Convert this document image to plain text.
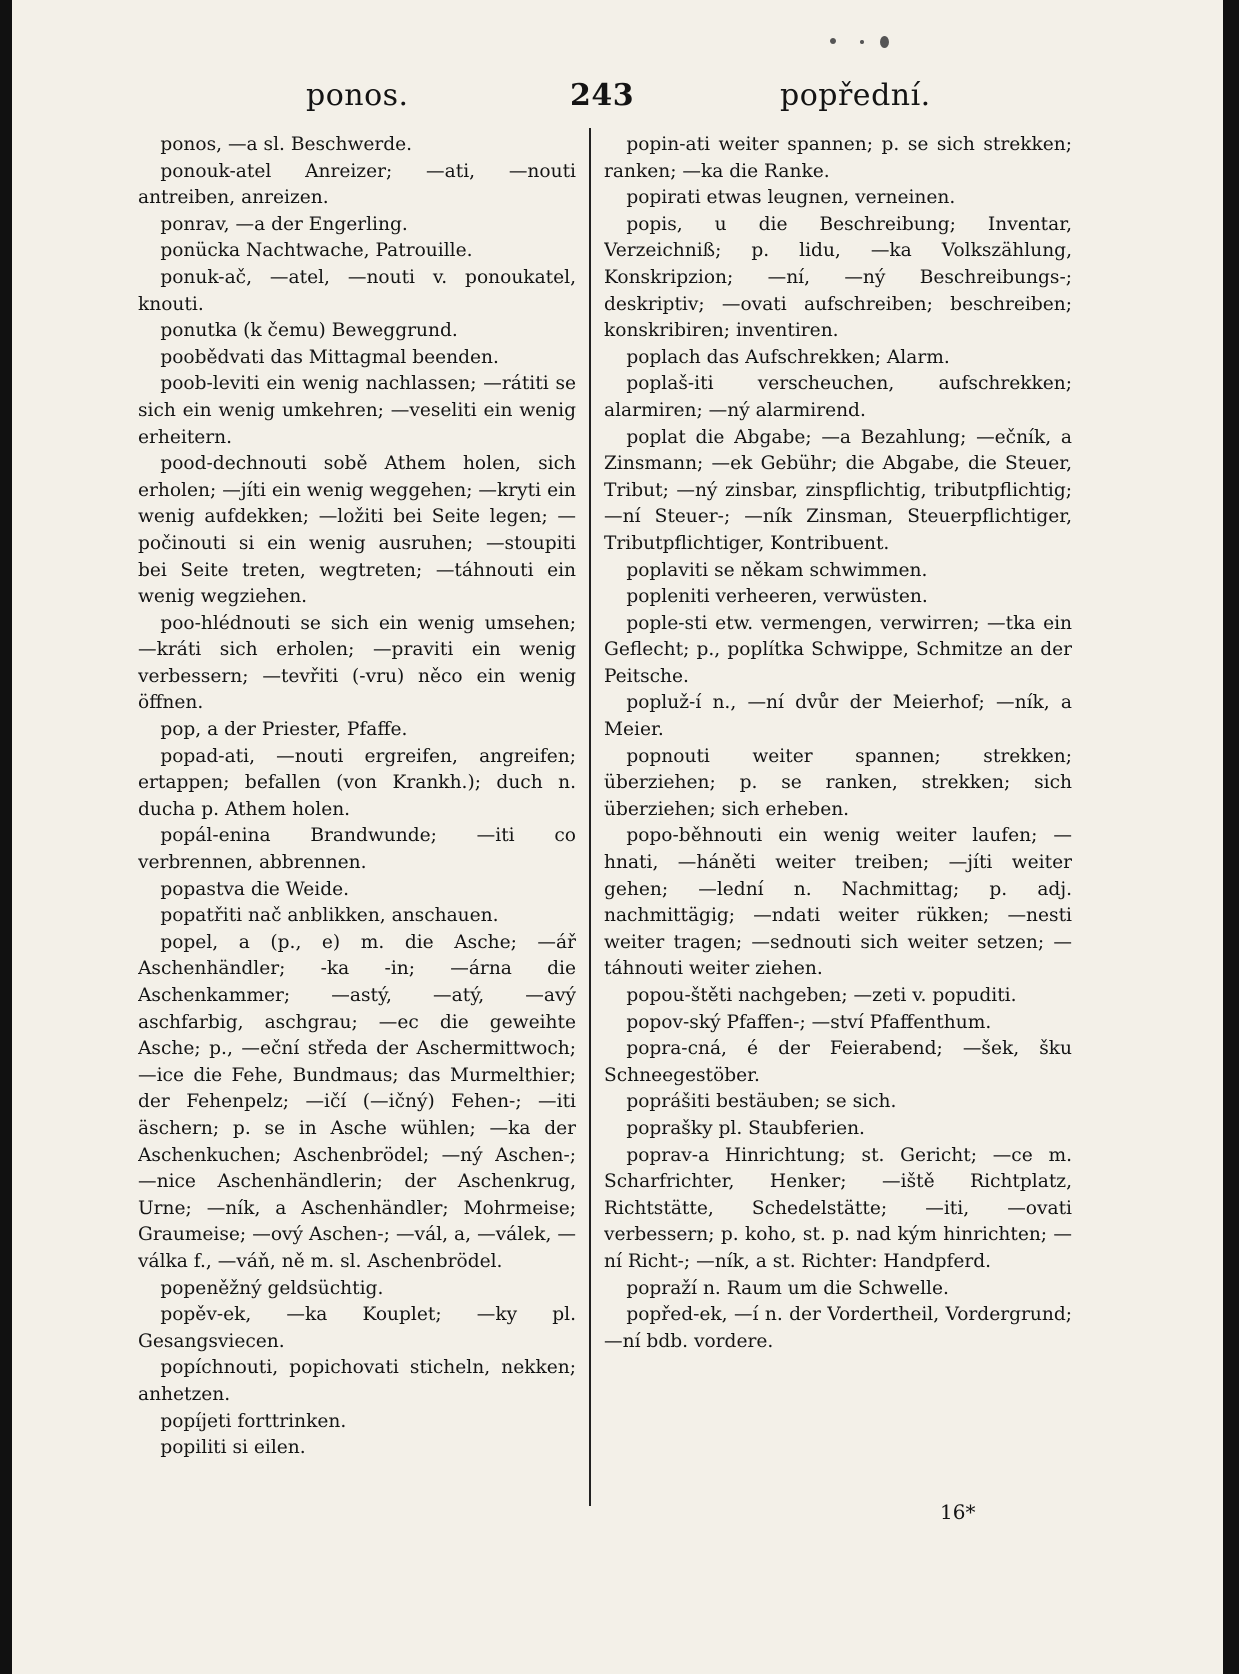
ponos.	243	popřední.

ponos, —a sl. Beschwerde.

ponouk-atel Anreizer; —ati, —nouti antreiben, anreizen.

ponrav, —a der Engerling.

ponücka Nachtwache, Patrouille.

ponuk-ač, —atel, —nouti v. ponoukatel, knouti.

ponutka (k čemu) Beweggrund.

poobědvati das Mittagmal beenden.

poob-leviti ein wenig nachlassen; —rátiti se sich ein wenig umkehren; —veseliti ein wenig erheitern.

pood-dechnouti sobě Athem holen, sich erholen; —jíti ein wenig weggehen; —kryti ein wenig aufdekken; —ložiti bei Seite legen; —počinouti si ein wenig ausruhen; —stoupiti bei Seite treten, wegtreten; —táhnouti ein wenig wegziehen.

poo-hlédnouti se sich ein wenig umsehen; —kráti sich erholen; —praviti ein wenig verbessern; —tevřiti (-vru) něco ein wenig öffnen.

pop, a der Priester, Pfaffe.

popad-ati, —nouti ergreifen, angreifen; ertappen; befallen (von Krankh.); duch n. ducha p. Athem holen.

popál-enina Brandwunde; —iti co verbrennen, abbrennen.

popastva die Weide.

popatřiti nač anblikken, anschauen.

popel, a (p., e) m. die Asche; —ář Aschenhändler; -ka -in; —árna die Aschenkammer; —astý, —atý, —avý aschfarbig, aschgrau; —ec die geweihte Asche; p., —eční středa der Aschermittwoch; —ice die Fehe, Bundmaus; das Murmelthier; der Fehenpelz; —ičí (—ičný) Fehen-; —iti äschern; p. se in Asche wühlen; —ka der Aschenkuchen; Aschenbrödel; —ný Aschen-; —nice Aschenhändlerin; der Aschenkrug, Urne; —ník, a Aschenhändler; Mohrmeise; Graumeise; —ový Aschen-; —vál, a, —válek, —válka f., —váň, ně m. sl. Aschenbrödel.

popeněžný geldsüchtig.

popěv-ek, —ka Kouplet; —ky pl. Gesangsviecen.

popíchnouti, popichovati sticheln, nekken; anhetzen.

popíjeti forttrinken.

popiliti si eilen.

popin-ati weiter spannen; p. se sich strekken; ranken; —ka die Ranke.

popirati etwas leugnen, verneinen.

popis, u die Beschreibung; Inventar, Verzeichniß; p. lidu, —ka Volkszählung, Konskripzion; —ní, —ný Beschreibungs-; deskriptiv; —ovati aufschreiben; beschreiben; konskribiren; inventiren.

poplach das Aufschrekken; Alarm.

poplaš-iti verscheuchen, aufschrekken; alarmiren; —ný alarmirend.

poplat die Abgabe; —a Bezahlung; —ečník, a Zinsmann; —ek Gebühr; die Abgabe, die Steuer, Tribut; —ný zinsbar, zinspflichtig, tributpflichtig; —ní Steuer-; —ník Zinsman, Steuerpflichtiger, Tributpflichtiger, Kontribuent.

poplaviti se někam schwimmen.

popleniti verheeren, verwüsten.

pople-sti etw. vermengen, verwirren; —tka ein Geflecht; p., poplítka Schwippe, Schmitze an der Peitsche.

popluž-í n., —ní dvůr der Meierhof; —ník, a Meier.

popnouti weiter spannen; strekken; überziehen; p. se ranken, strekken; sich überziehen; sich erheben.

popo-běhnouti ein wenig weiter laufen; —hnati, —háněti weiter treiben; —jíti weiter gehen; —lední n. Nachmittag; p. adj. nachmittägig; —ndati weiter rükken; —nesti weiter tragen; —sednouti sich weiter setzen; —táhnouti weiter ziehen.

popou-štěti nachgeben; —zeti v. popuditi.

popov-ský Pfaffen-; —ství Pfaffenthum.

popra-cná, é der Feierabend; —šek, šku Schneegestöber.

poprášiti bestäuben; se sich.

poprašky pl. Staubferien.

poprav-a Hinrichtung; st. Gericht; —ce m. Scharfrichter, Henker; —iště Richtplatz, Richtstätte, Schedelstätte; —iti, —ovati verbessern; p. koho, st. p. nad kým hinrichten; —ní Richt-; —ník, a st. Richter: Handpferd.

popraží n. Raum um die Schwelle.

popřed-ek, —í n. der Vordertheil, Vordergrund; —ní bdb. vordere.

16*
